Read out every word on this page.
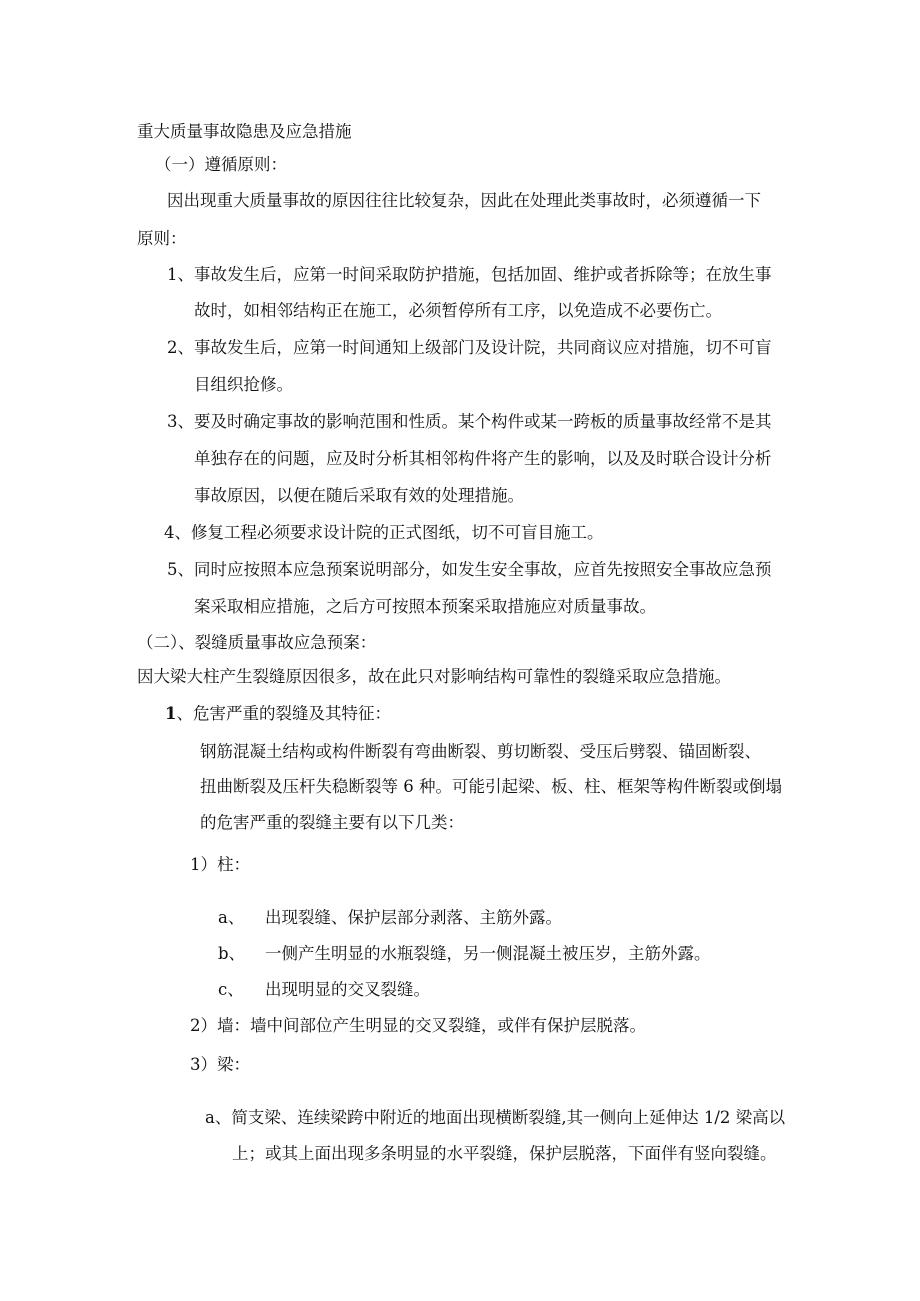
重大质量事故隐患及应急措施
（一）遵循原则：
因出现重大质量事故的原因往往比较复杂，因此在处理此类事故时，必须遵循一下
原则：
1、 事故发生后，应第一时间采取防护措施，包括加固、维护或者拆除等；在放生事
故时，如相邻结构正在施工，必须暂停所有工序，以免造成不必要伤亡。
2、 事故发生后，应第一时间通知上级部门及设计院，共同商议应对措施，切不可盲
目组织抢修。
3、 要及时确定事故的影响范围和性质。某个构件或某一跨板的质量事故经常不是其
单独存在的问题，应及时分析其相邻构件将产生的影响，以及及时联合设计分析
事故原因，以便在随后采取有效的处理措施。
4、 修复工程必须要求设计院的正式图纸，切不可盲目施工。
5、 同时应按照本应急预案说明部分，如发生安全事故，应首先按照安全事故应急预
案采取相应措施，之后方可按照本预案采取措施应对质量事故。
（二）、裂缝质量事故应急预案：
因大梁大柱产生裂缝原因很多，故在此只对影响结构可靠性的裂缝采取应急措施。
1、危害严重的裂缝及其特征：
钢筋混凝土结构或构件断裂有弯曲断裂、剪切断裂、受压后劈裂、锚固断裂、
扭曲断裂及压杆失稳断裂等 6 种。可能引起梁、板、柱、框架等构件断裂或倒塌
的危害严重的裂缝主要有以下几类：
1）柱：
a、 出现裂缝、保护层部分剥落、主筋外露。
b、 一侧产生明显的水瓶裂缝，另一侧混凝土被压岁，主筋外露。
c、 出现明显的交叉裂缝。
2）墙：墙中间部位产生明显的交叉裂缝，或伴有保护层脱落。
3）梁：
a、简支梁、连续梁跨中附近的地面出现横断裂缝,其一侧向上延伸达 1/2 梁高以
上；或其上面出现多条明显的水平裂缝，保护层脱落，下面伴有竖向裂缝。
